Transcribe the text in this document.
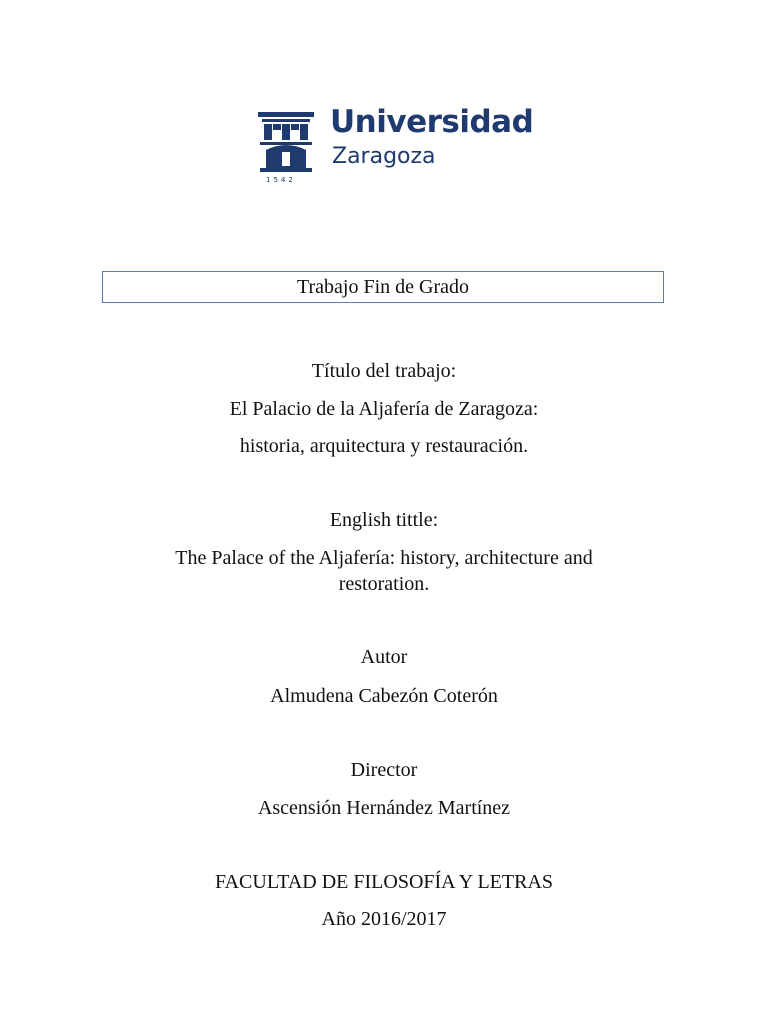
Universidad
Zaragoza
1542
Trabajo Fin de Grado
Título del trabajo:
El Palacio de la Aljafería de Zaragoza:
historia, arquitectura y restauración.
English tittle:
The Palace of the Aljafería: history, architecture and
restoration.
Autor
Almudena Cabezón Coterón
Director
Ascensión Hernández Martínez
FACULTAD DE FILOSOFÍA Y LETRAS
Año 2016/2017
